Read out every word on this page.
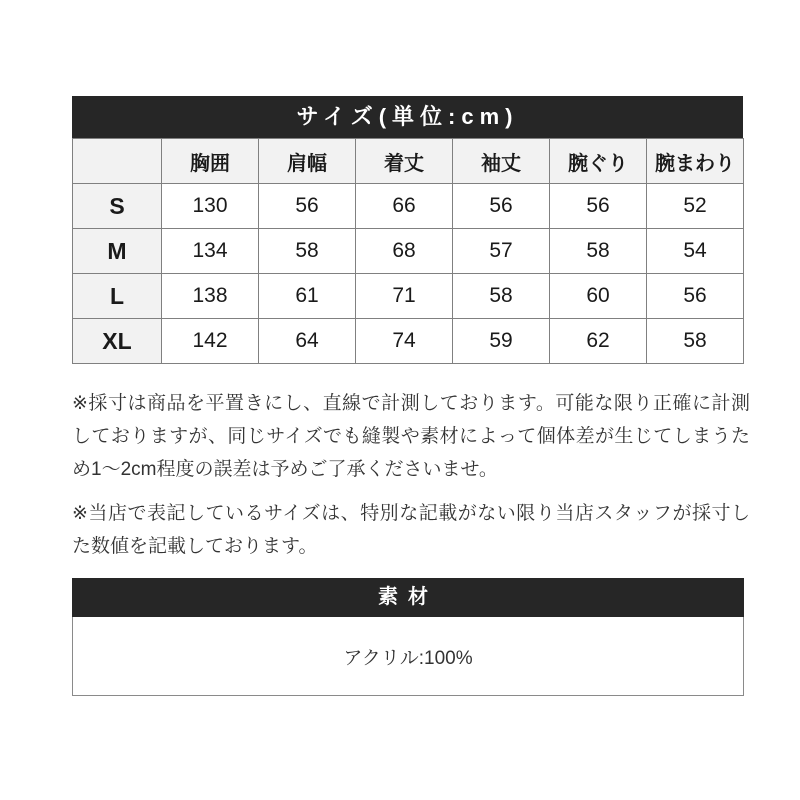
サイズ(単位:cm)
	胸囲	肩幅	着丈	袖丈	腕ぐり	腕まわり
S	130	56	66	56	56	52
M	134	58	68	57	58	54
L	138	61	71	58	60	56
XL	142	64	74	59	62	58

※採寸は商品を平置きにし、直線で計測しております。可能な限り正確に計測しておりますが、同じサイズでも縫製や素材によって個体差が生じてしまうため1〜2cm程度の誤差は予めご了承くださいませ。

※当店で表記しているサイズは、特別な記載がない限り当店スタッフが採寸した数値を記載しております。

素材
アクリル:100%
